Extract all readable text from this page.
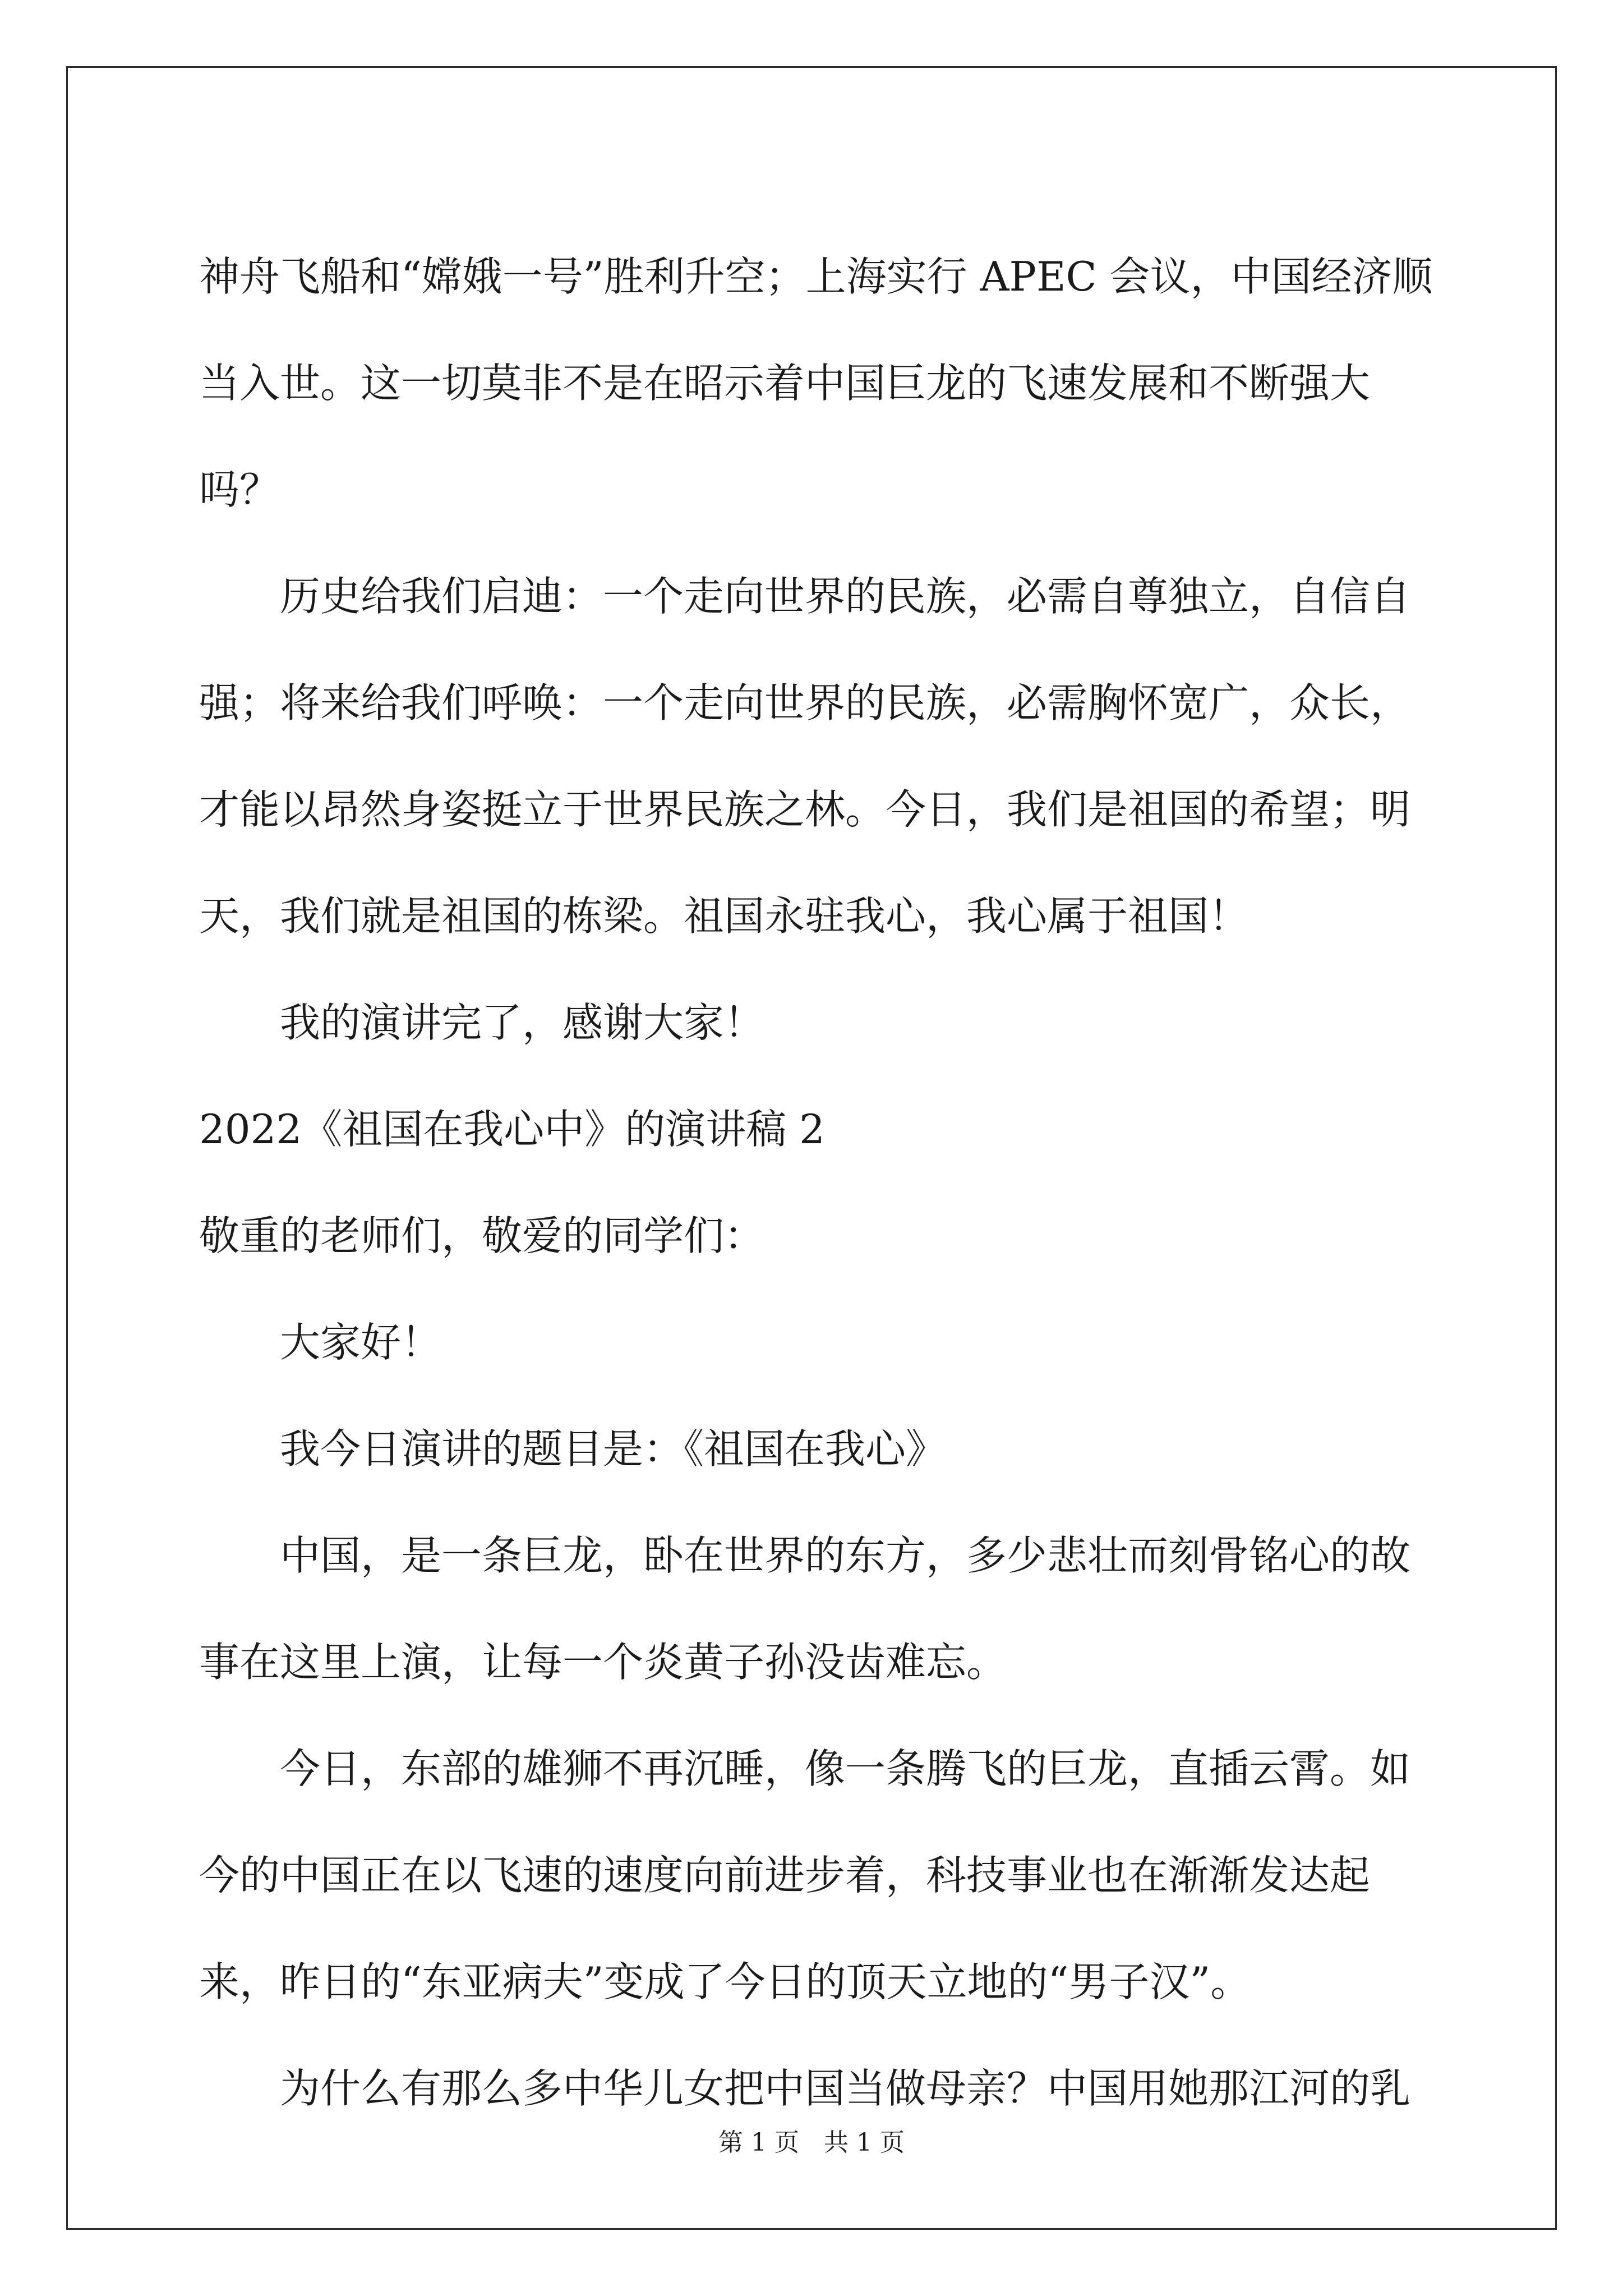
神舟飞船和“嫦娥一号”胜利升空；上海实行 APEC 会议，中国经济顺当入世。这一切莫非不是在昭示着中国巨龙的飞速发展和不断强大吗？

历史给我们启迪：一个走向世界的民族，必需自尊独立，自信自强；将来给我们呼唤：一个走向世界的民族，必需胸怀宽广，众长，才能以昂然身姿挺立于世界民族之林。今日，我们是祖国的希望；明天，我们就是祖国的栋梁。祖国永驻我心，我心属于祖国！

我的演讲完了，感谢大家！

2022《祖国在我心中》的演讲稿 2

敬重的老师们，敬爱的同学们：

大家好！

我今日演讲的题目是：《祖国在我心》

中国，是一条巨龙，卧在世界的东方，多少悲壮而刻骨铭心的故事在这里上演，让每一个炎黄子孙没齿难忘。

今日，东部的雄狮不再沉睡，像一条腾飞的巨龙，直插云霄。如今的中国正在以飞速的速度向前进步着，科技事业也在渐渐发达起来，昨日的“东亚病夫”变成了今日的顶天立地的“男子汉”。

为什么有那么多中华儿女把中国当做母亲？中国用她那江河的乳

第 1 页　共 1 页
